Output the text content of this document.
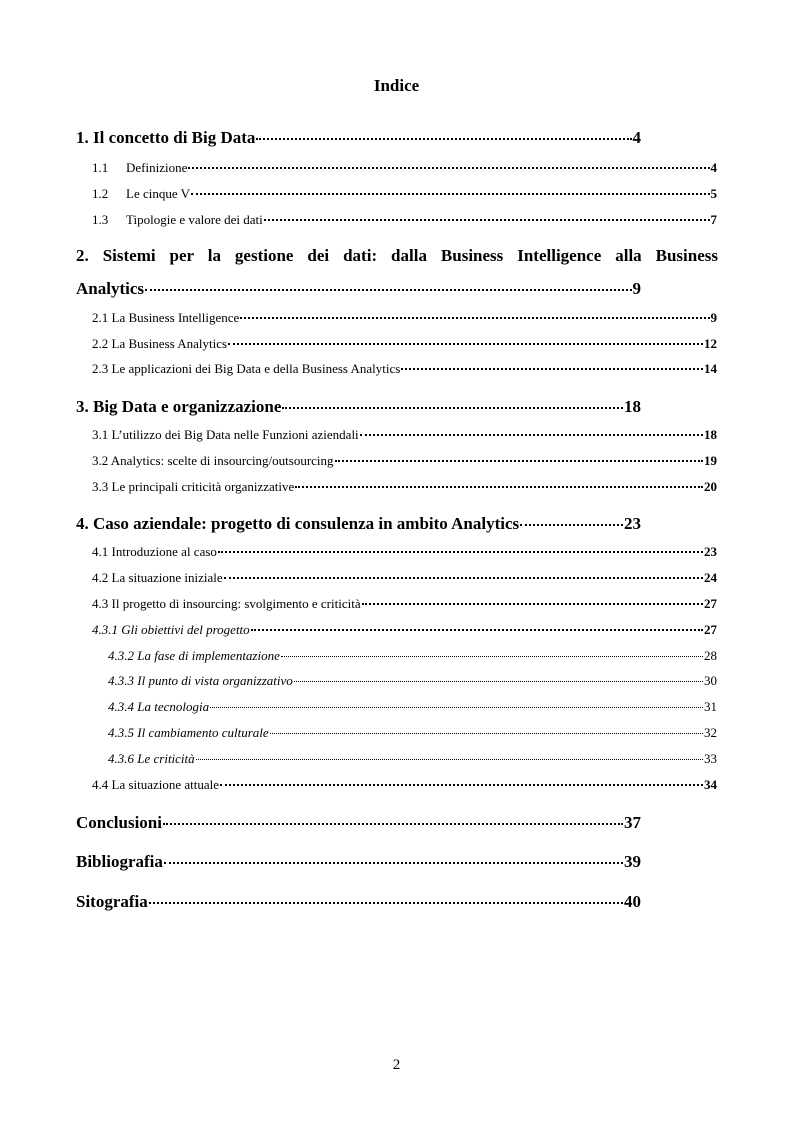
Indice
1. Il concetto di Big Data	4
1.1 Definizione	4
1.2 Le cinque V	5
1.3 Tipologie e valore dei dati	7
2. Sistemi per la gestione dei dati: dalla Business Intelligence alla Business
Analytics	9
2.1 La Business Intelligence	9
2.2 La Business Analytics	12
2.3 Le applicazioni dei Big Data e della Business Analytics	14
3. Big Data e organizzazione	18
3.1 L’utilizzo dei Big Data nelle Funzioni aziendali	18
3.2 Analytics: scelte di insourcing/outsourcing	19
3.3 Le principali criticità organizzative	20
4. Caso aziendale: progetto di consulenza in ambito Analytics	23
4.1 Introduzione al caso	23
4.2 La situazione iniziale	24
4.3 Il progetto di insourcing: svolgimento e criticità	27
4.3.1 Gli obiettivi del progetto	27
4.3.2 La fase di implementazione	28
4.3.3 Il punto di vista organizzativo	30
4.3.4 La tecnologia	31
4.3.5 Il cambiamento culturale	32
4.3.6 Le criticità	33
4.4 La situazione attuale	34
Conclusioni	37
Bibliografia	39
Sitografia	40
2
